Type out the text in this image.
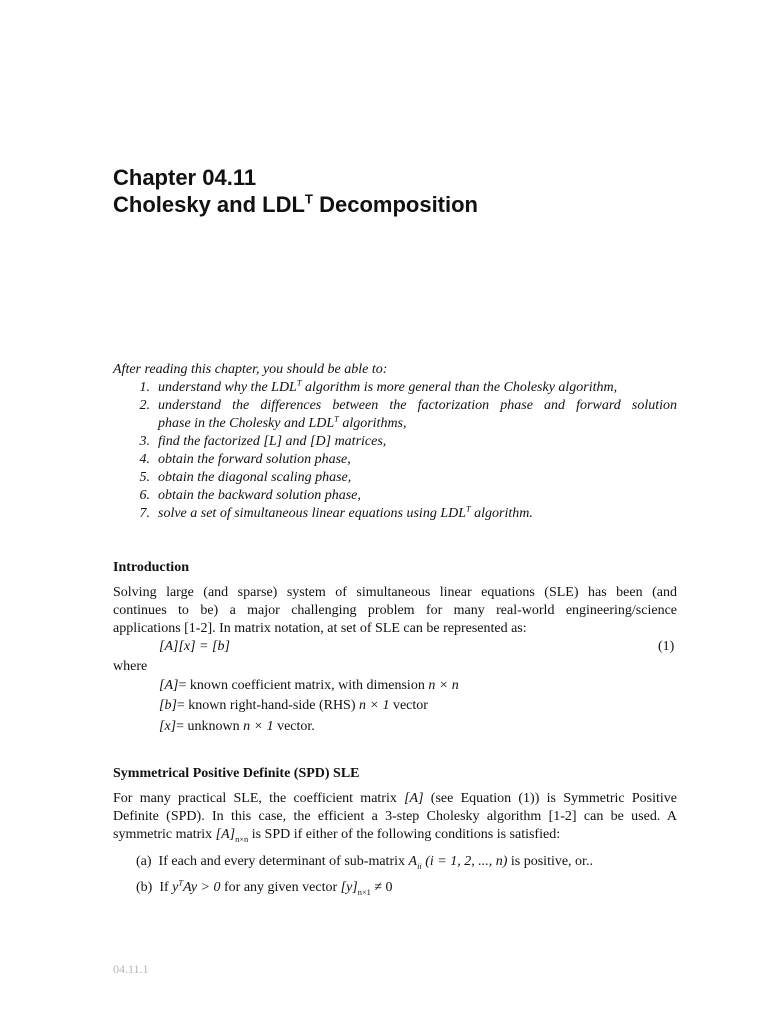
Chapter 04.11
Cholesky and $LDL^T$ Decomposition
After reading this chapter, you should be able to:
1. understand why the $LDL^T$ algorithm is more general than the Cholesky algorithm,
2. understand the differences between the factorization phase and forward solution
phase in the Cholesky and $LDL^T$ algorithms,
3. find the factorized [L] and [D] matrices,
4. obtain the forward solution phase,
5. obtain the diagonal scaling phase,
6. obtain the backward solution phase,
7. solve a set of simultaneous linear equations using $LDL^T$ algorithm.
Introduction
Solving large (and sparse) system of simultaneous linear equations (SLE) has been (and
continues to be) a major challenging problem for many real-world engineering/science
applications [1-2]. In matrix notation, at set of SLE can be represented as:
[A][x] = [b]	(1)
where
[A]= known coefficient matrix, with dimension n × n
[b]= known right-hand-side (RHS) n × 1 vector
[x]= unknown n × 1 vector.
Symmetrical Positive Definite (SPD) SLE
For many practical SLE, the coefficient matrix [A] (see Equation (1)) is Symmetric Positive
Definite (SPD). In this case, the efficient a 3-step Cholesky algorithm [1-2] can be used. A
symmetric matrix $[A]_{n\times n}$ is SPD if either of the following conditions is satisfied:
(a) If each and every determinant of sub-matrix $A_{ii}$ (i = 1, 2, ..., n) is positive, or..
(b) If $y^TAy > 0$ for any given vector $[y]_{n\times 1} \ne 0$
04.11.1
